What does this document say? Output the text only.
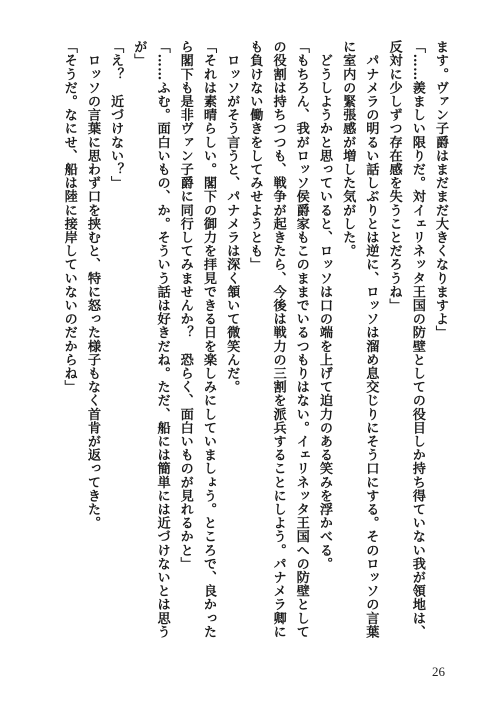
ます。ヴァン子爵はまだまだ大きくなりますよ」
「……羨ましい限りだ。対イェリネッタ王国の防壁としての役目しか持ち得ていない我が領地は、
反対に少しずつ存在感を失うことだろうね」
　パナメラの明るい話しぶりとは逆に、ロッソは溜め息交じりにそう口にする。そのロッソの言葉
に室内の緊張感が増した気がした。
　どうしようかと思っていると、ロッソは口の端を上げて迫力のある笑みを浮かべる。
「もちろん、我がロッソ侯爵家もこのままでいるつもりはない。イェリネッタ王国への防壁として
の役割は持ちつつも、戦争が起きたら、今後は戦力の三割を派兵することにしよう。パナメラ卿に
も負けない働きをしてみせようとも」
　ロッソがそう言うと、パナメラは深く頷いて微笑んだ。
「それは素晴らしい。閣下の御力を拝見できる日を楽しみにしていましょう。ところで、良かった
ら閣下も是非ヴァン子爵に同行してみませんか？　恐らく、面白いものが見れるかと」
「……ふむ。面白いもの、か。そういう話は好きだね。ただ、船には簡単には近づけないとは思う
が」
「え？　近づけない？」
　ロッソの言葉に思わず口を挟むと、特に怒った様子もなく首肯が返ってきた。
「そうだ。なにせ、船は陸に接岸していないのだからね」
26
